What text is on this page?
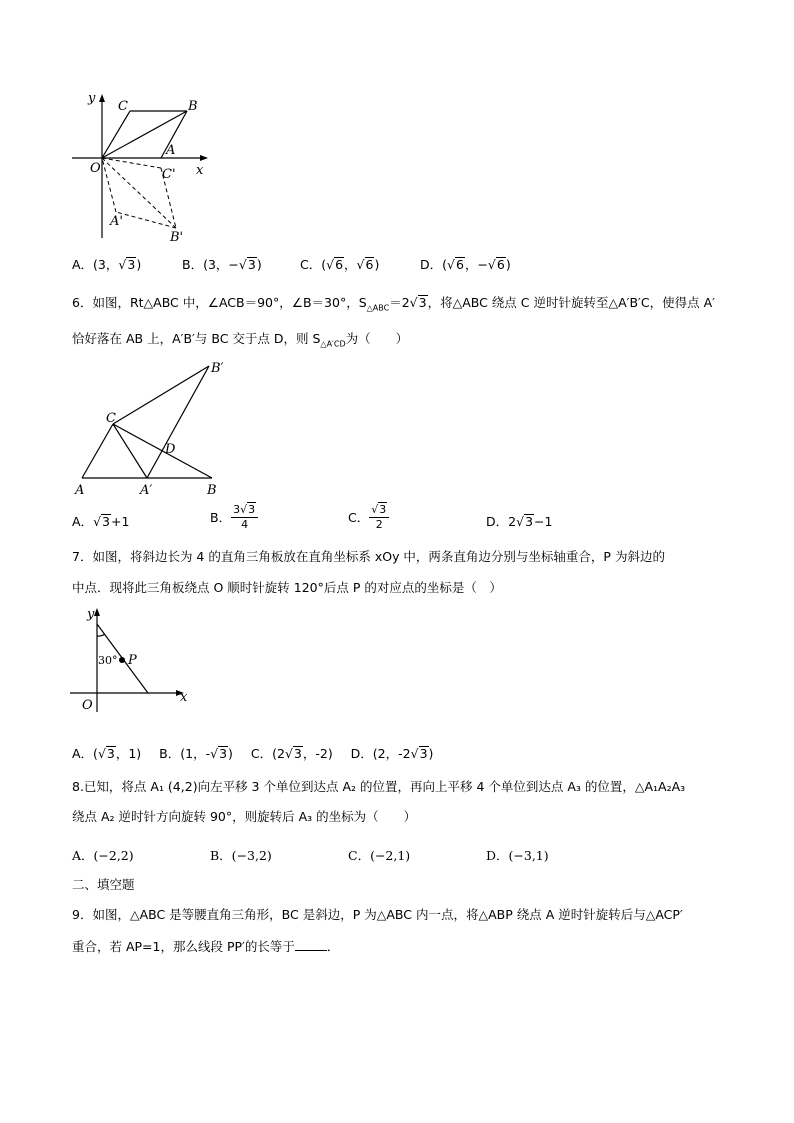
y
x
O
C	B
A
C'
A'
B'
A．(3，√3)	B．(3，−√3)	C．(√6，√6)	D．(√6，−√6)
6．如图，Rt△ABC 中，∠ACB＝90°，∠B＝30°，$S_{\triangle ABC}=2√3$，将△ABC 绕点 C 逆时针旋转至△A′B′C，使得点 A′
恰好落在 AB 上，A′B′与 BC 交于点 D，则 $S_{\triangle A'CD}$为（　　）
A	A′	B
B′
C
D
A．√3+1	B． $\frac{3√3}{4}$	C． $\frac{√3}{2}$	D．2√3−1
7．如图，将斜边长为 4 的直角三角板放在直角坐标系 xOy 中，两条直角边分别与坐标轴重合，P 为斜边的
中点．现将此三角板绕点 O 顺时针旋转 120°后点 P 的对应点的坐标是（　）
y
x
O
P
30°
A．(√3，1) B．(1，-√3) C．(2√3，-2) D．(2，-2√3)
8.已知，将点 A₁ (4,2)向左平移 3 个单位到达点 A₂ 的位置，再向上平移 4 个单位到达点 A₃ 的位置，△A₁A₂A₃
绕点 A₂ 逆时针方向旋转 90°，则旋转后 A₃ 的坐标为（　　）
A．(−2,2)	B．(−3,2)	C．(−2,1)	D．(−3,1)
二、填空题
9．如图，△ABC 是等腰直角三角形，BC 是斜边，P 为△ABC 内一点，将△ABP 绕点 A 逆时针旋转后与△ACP′
重合，若 AP=1，那么线段 PP′的长等于	．
